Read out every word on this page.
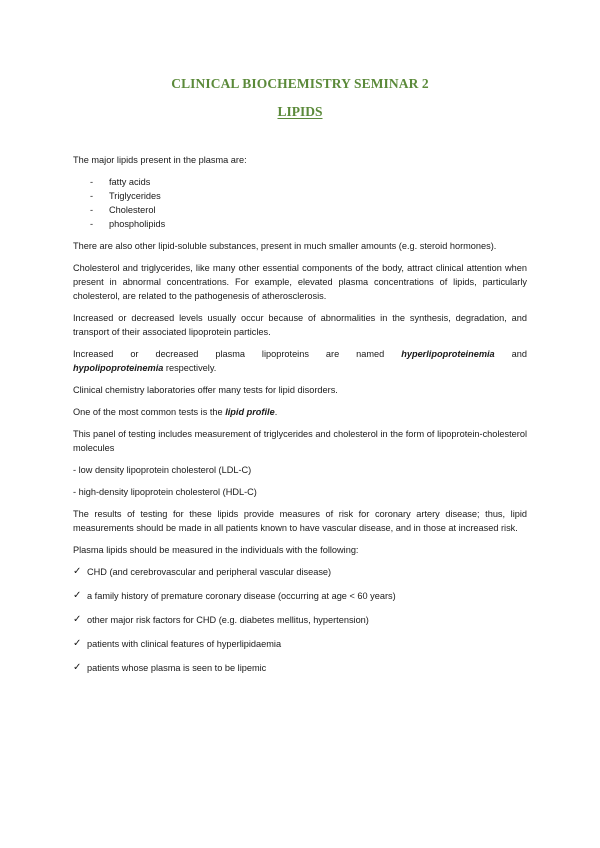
CLINICAL BIOCHEMISTRY SEMINAR 2
LIPIDS

The major lipids present in the plasma are:

- fatty acids
- Triglycerides
- Cholesterol
- phospholipids

There are also other lipid-soluble substances, present in much smaller amounts (e.g. steroid hormones).

Cholesterol and triglycerides, like many other essential components of the body, attract clinical attention when present in abnormal concentrations. For example, elevated plasma concentrations of lipids, particularly cholesterol, are related to the pathogenesis of atherosclerosis.

Increased or decreased levels usually occur because of abnormalities in the synthesis, degradation, and transport of their associated lipoprotein particles.

Increased or decreased plasma lipoproteins are named hyperlipoproteinemia and
hypolipoproteinemia respectively.

Clinical chemistry laboratories offer many tests for lipid disorders.

One of the most common tests is the lipid profile.

This panel of testing includes measurement of triglycerides and cholesterol in the form of lipoprotein-cholesterol molecules

- low density lipoprotein cholesterol (LDL-C)

- high-density lipoprotein cholesterol (HDL-C)

The results of testing for these lipids provide measures of risk for coronary artery disease; thus, lipid measurements should be made in all patients known to have vascular disease, and in those at increased risk.

Plasma lipids should be measured in the individuals with the following:

✓ CHD (and cerebrovascular and peripheral vascular disease)
✓ a family history of premature coronary disease (occurring at age < 60 years)
✓ other major risk factors for CHD (e.g. diabetes mellitus, hypertension)
✓ patients with clinical features of hyperlipidaemia
✓ patients whose plasma is seen to be lipemic
